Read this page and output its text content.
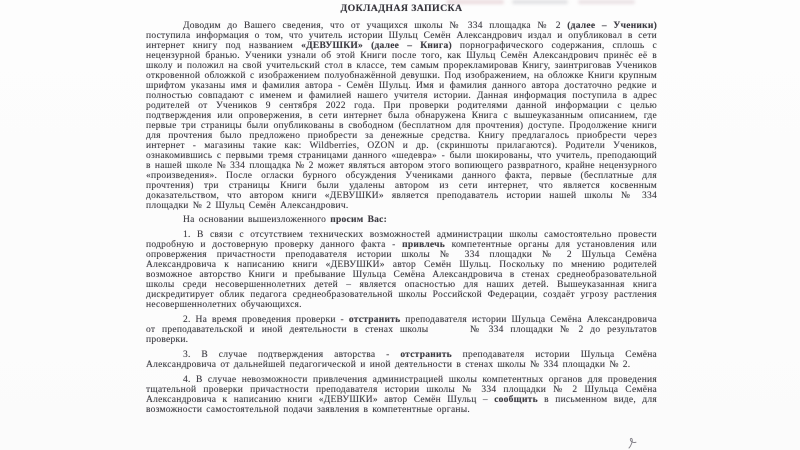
ДОКЛАДНАЯ ЗАПИСКА

Доводим до Вашего сведения, что от учащихся школы № 334 площадка № 2 (далее – Ученики) поступила информация о том, что учитель истории Шульц Семён Александрович издал и опубликовал в сети интернет книгу под названием «ДЕВУШКИ» (далее – Книга) порнографического содержания, сплошь с нецензурной бранью. Ученики узнали об этой Книги после того, как Шульц Семён Александрович принёс её в школу и положил на свой учительский стол в классе, тем самым прорекламировав Книгу, заинтриговав Учеников откровенной обложкой с изображением полуобнажённой девушки. Под изображением, на обложке Книги крупным шрифтом указаны имя и фамилия автора - Семён Шульц. Имя и фамилия данного автора достаточно редкие и полностью совпадают с именем и фамилией нашего учителя истории. Данная информация поступила в адрес родителей от Учеников 9 сентября 2022 года. При проверки родителями данной информации с целью подтверждения или опровержения, в сети интернет была обнаружена Книга с вышеуказанным описанием, где первые три страницы были опубликованы в свободном (бесплатном для прочтения) доступе. Продолжение книги для прочтения было предложено приобрести за денежные средства. Книгу предлагалось приобрести через интернет - магазины такие как: Wildberries, OZON и др. (скриншоты прилагаются). Родители Учеников, ознакомившись с первыми тремя страницами данного «шедевра» - были шокированы, что учитель, преподающий в нашей школе № 334 площадка № 2 может являться автором этого вопиющего развратного, крайне нецензурного «произведения». После огласки бурного обсуждения Учениками данного факта, первые (бесплатные для прочтения) три страницы Книги были удалены автором из сети интернет, что является косвенным доказательством, что автором книги «ДЕВУШКИ» является преподаватель истории нашей школы № 334 площадки № 2 Шульц Семён Александрович.

На основании вышеизложенного просим Вас:

1. В связи с отсутствием технических возможностей администрации школы самостоятельно провести подробную и достоверную проверку данного факта - привлечь компетентные органы для установления или опровержения причастности преподавателя истории школы № 334 площадки № 2 Шульца Семёна Александровича к написанию книги «ДЕВУШКИ» автор Семён Шульц. Поскольку по мнению родителей возможное авторство Книги и пребывание Шульца Семёна Александровича в стенах среднеобразовательной школы среди несовершеннолетних детей – является опасностью для наших детей. Вышеуказанная книга дискредитирует облик педагога среднеобразовательной школы Российской Федерации, создаёт угрозу растления несовершеннолетних обучающихся.

2. На время проведения проверки - отстранить преподавателя истории Шульца Семёна Александровича от преподавательской и иной деятельности в стенах школы    № 334 площадки № 2 до результатов проверки.

3. В случае подтверждения авторства - отстранить преподавателя истории Шульца Семёна Александровича от дальнейшей педагогической и иной деятельности в стенах школы № 334 площадки № 2.

4. В случае невозможности привлечения администрацией школы компетентных органов для проведения тщательной проверки причастности преподавателя истории школы № 334 площадки № 2 Шульца Семёна Александровича к написанию книги «ДЕВУШКИ» автор Семён Шульц – сообщить в письменном виде, для возможности самостоятельной подачи заявления в компетентные органы.
